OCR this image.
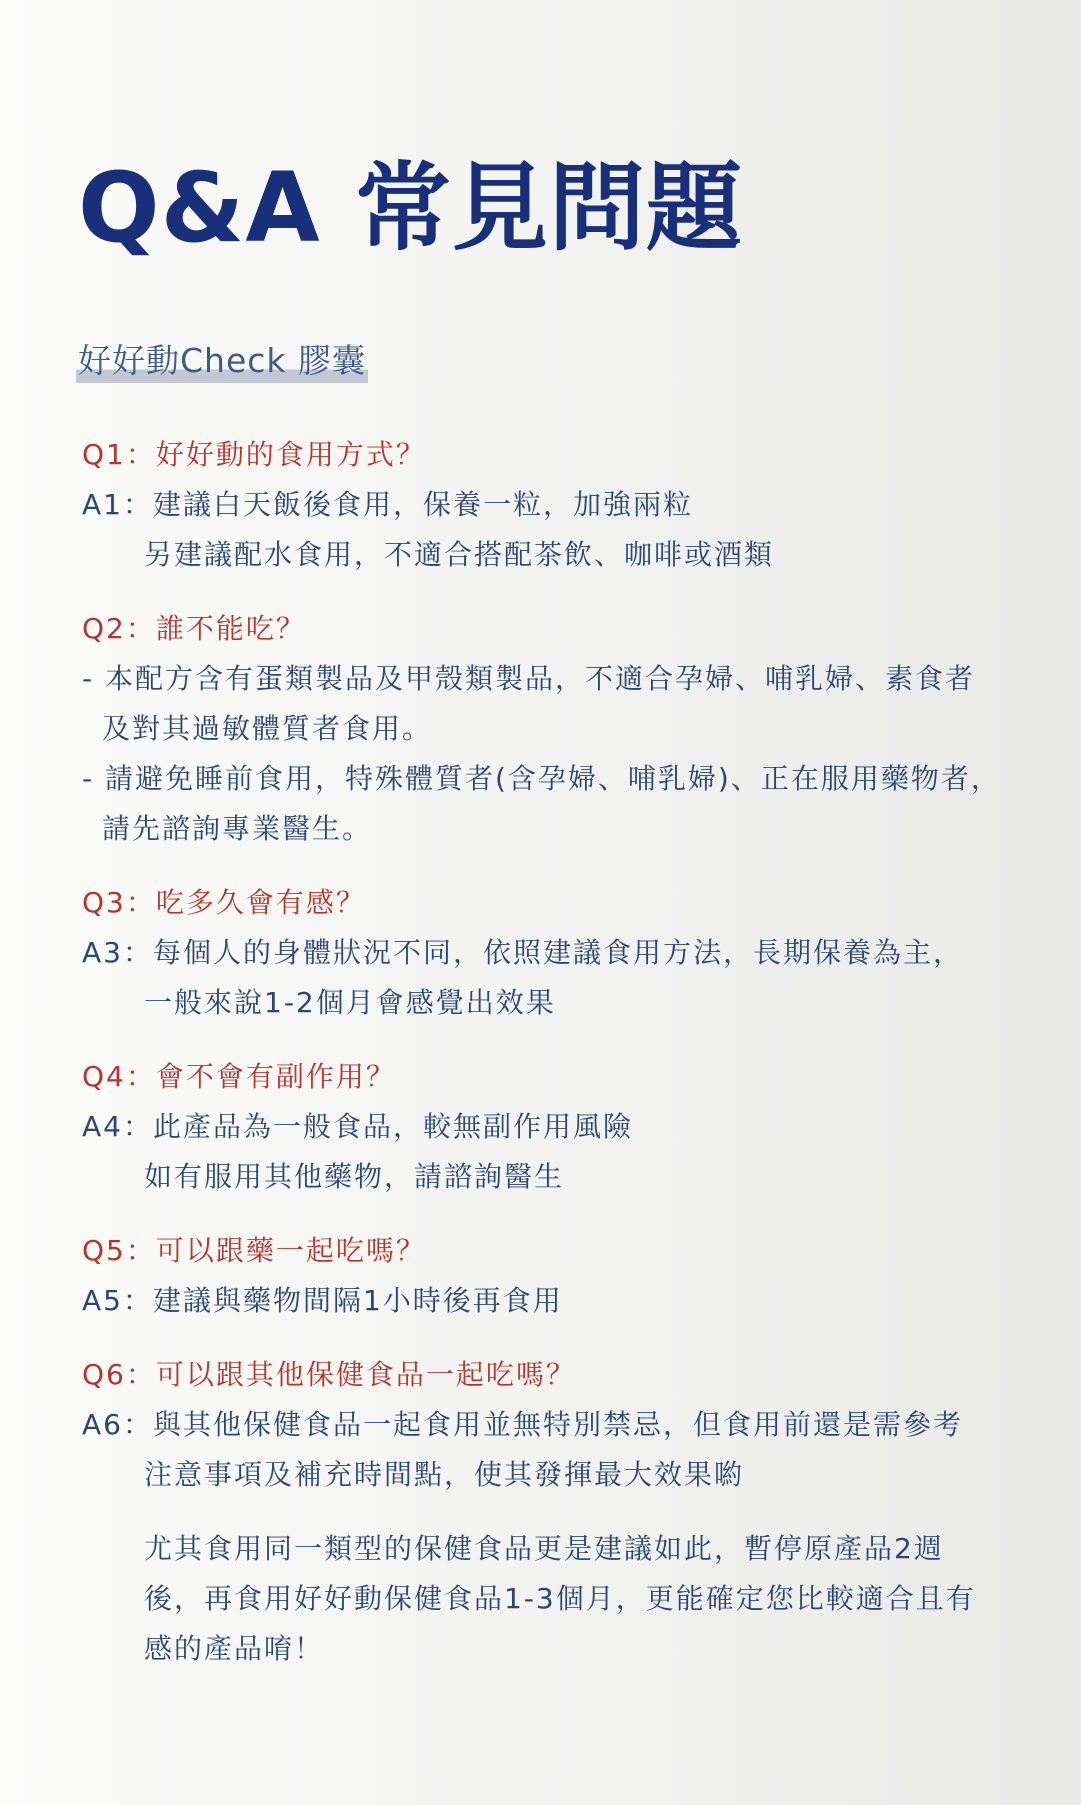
Q&A 常見問題
好好動Check 膠囊

Q1：好好動的食用方式？

A1：建議白天飯後食用，保養一粒，加強兩粒

另建議配水食用，不適合搭配茶飲、咖啡或酒類

Q2：誰不能吃？

- 本配方含有蛋類製品及甲殼類製品，不適合孕婦、哺乳婦、素食者

及對其過敏體質者食用。

- 請避免睡前食用，特殊體質者(含孕婦、哺乳婦)、正在服用藥物者，

請先諮詢專業醫生。

Q3：吃多久會有感？

A3：每個人的身體狀況不同，依照建議食用方法，長期保養為主，

一般來說1-2個月會感覺出效果

Q4：會不會有副作用？

A4：此產品為一般食品，較無副作用風險

如有服用其他藥物，請諮詢醫生

Q5：可以跟藥一起吃嗎？

A5：建議與藥物間隔1小時後再食用

Q6：可以跟其他保健食品一起吃嗎？

A6：與其他保健食品一起食用並無特別禁忌，但食用前還是需參考

注意事項及補充時間點，使其發揮最大效果喲

尤其食用同一類型的保健食品更是建議如此，暫停原產品2週

後，再食用好好動保健食品1-3個月，更能確定您比較適合且有

感的產品唷！
